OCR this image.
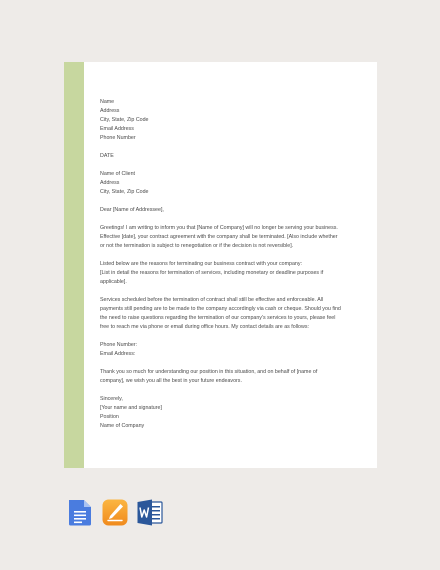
Name
Address
City, State, Zip Code
Email Address
Phone Number

DATE

Name of Client
Address
City, State, Zip Code

Dear [Name of Addressee],

Greetings! I am writing to inform you that [Name of Company] will no longer be serving your business. Effective [date], your contract agreement with the company shall be terminated. [Also include whether or not the termination is subject to renegotiation or if the decision is not reversible].

Listed below are the reasons for terminating our business contract with your company:
[List in detail the reasons for termination of services, including monetary or deadline purposes if applicable].

Services scheduled before the termination of contract shall still be effective and enforceable. All payments still pending are to be made to the company accordingly via cash or cheque. Should you find the need to raise questions regarding the termination of our company's services to yours, please feel free to reach me via phone or email during office hours. My contact details are as follows:

Phone Number:
Email Address:

Thank you so much for understanding our position in this situation, and on behalf of [name of company], we wish you all the best in your future endeavors.

Sincerely,
[Your name and signature]
Position
Name of Company
